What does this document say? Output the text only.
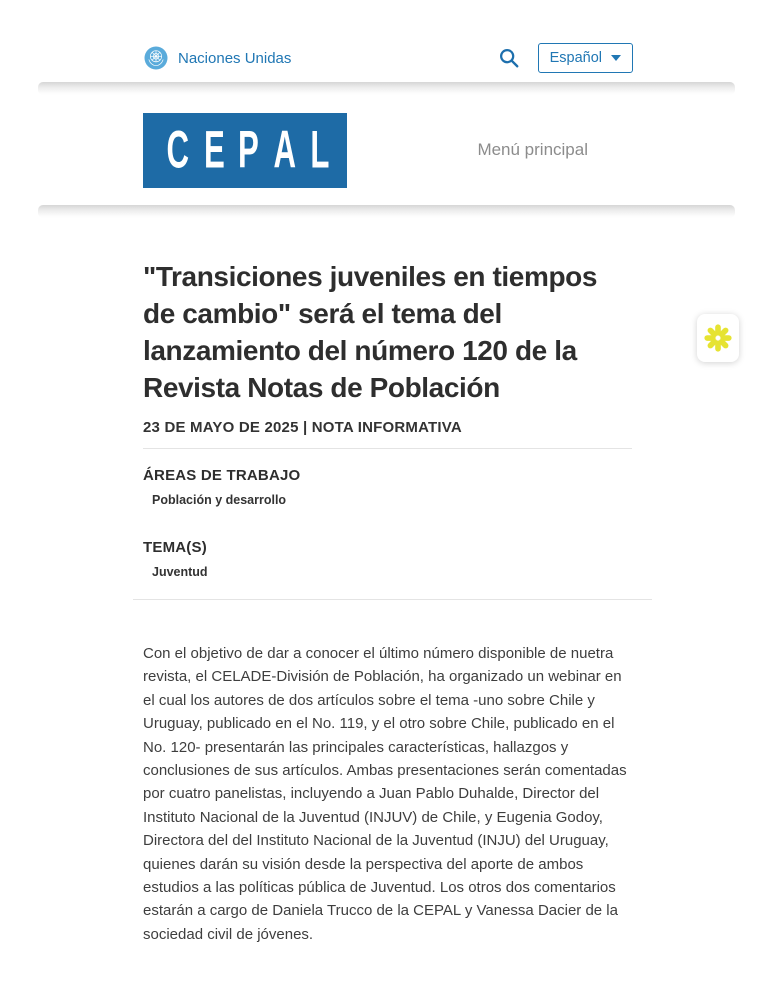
Naciones Unidas	Español
C E P A L	Menú principal
"Transiciones juveniles en tiempos de cambio" será el tema del lanzamiento del número 120 de la Revista Notas de Población
23 DE MAYO DE 2025 | NOTA INFORMATIVA
ÁREAS DE TRABAJO
Población y desarrollo
TEMA(S)
Juventud

Con el objetivo de dar a conocer el último número disponible de nuetra revista, el CELADE-División de Población, ha organizado un webinar en el cual los autores de dos artículos sobre el tema -uno sobre Chile y Uruguay, publicado en el No. 119, y el otro sobre Chile, publicado en el No. 120- presentarán las principales características, hallazgos y conclusiones de sus artículos. Ambas presentaciones serán comentadas por cuatro panelistas, incluyendo a Juan Pablo Duhalde, Director del Instituto Nacional de la Juventud (INJUV) de Chile, y Eugenia Godoy, Directora del del Instituto Nacional de la Juventud (INJU) del Uruguay, quienes darán su visión desde la perspectiva del aporte de ambos estudios a las políticas pública de Juventud. Los otros dos comentarios estarán a cargo de Daniela Trucco de la CEPAL y Vanessa Dacier de la sociedad civil de jóvenes.
